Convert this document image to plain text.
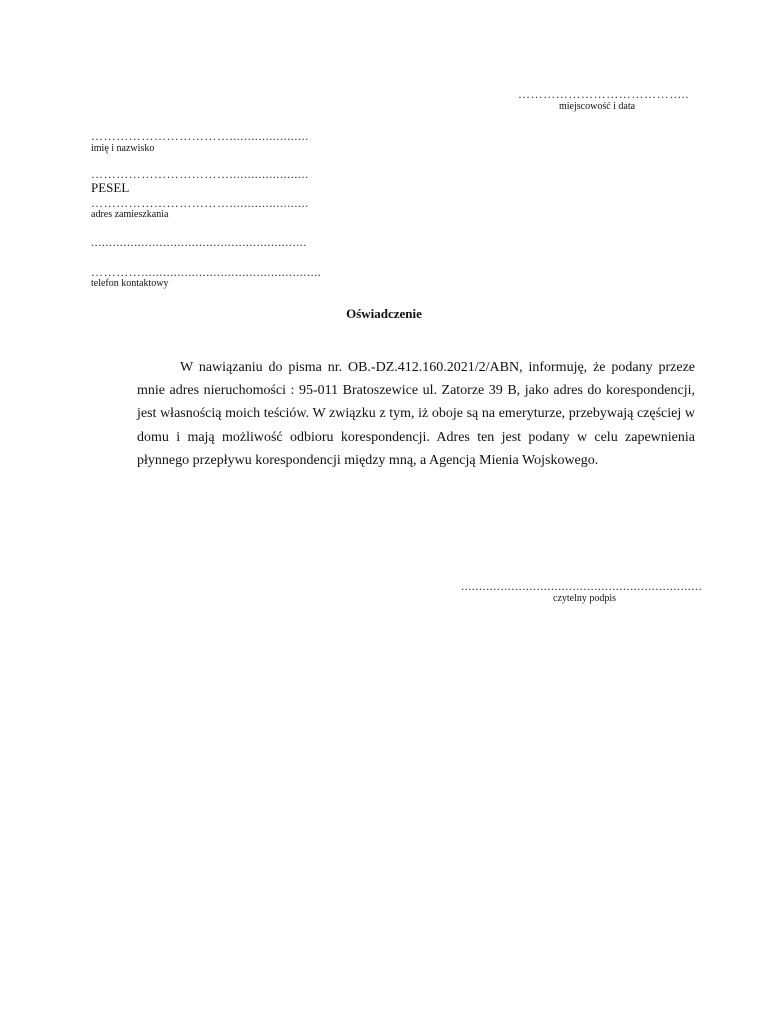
…………………………………..
miejscowość i data
……………………………......................
imię i nazwisko
……………………………......................
PESEL
……………………………......................
adres zamieszkania
............................................................
…………..................................................
telefon kontaktowy
Oświadczenie

W nawiązaniu do pisma nr. OB.-DZ.412.160.2021/2/ABN, informuję, że podany przeze mnie adres nieruchomości : 95-011 Bratoszewice ul. Zatorze 39 B, jako adres do korespondencji, jest własnością moich teściów. W związku z tym, iż oboje są na emeryturze, przebywają częściej w domu i mają możliwość odbioru korespondencji. Adres ten jest podany w celu zapewnienia płynnego przepływu korespondencji między mną, a Agencją Mienia Wojskowego.

...................................................................
czytelny podpis
